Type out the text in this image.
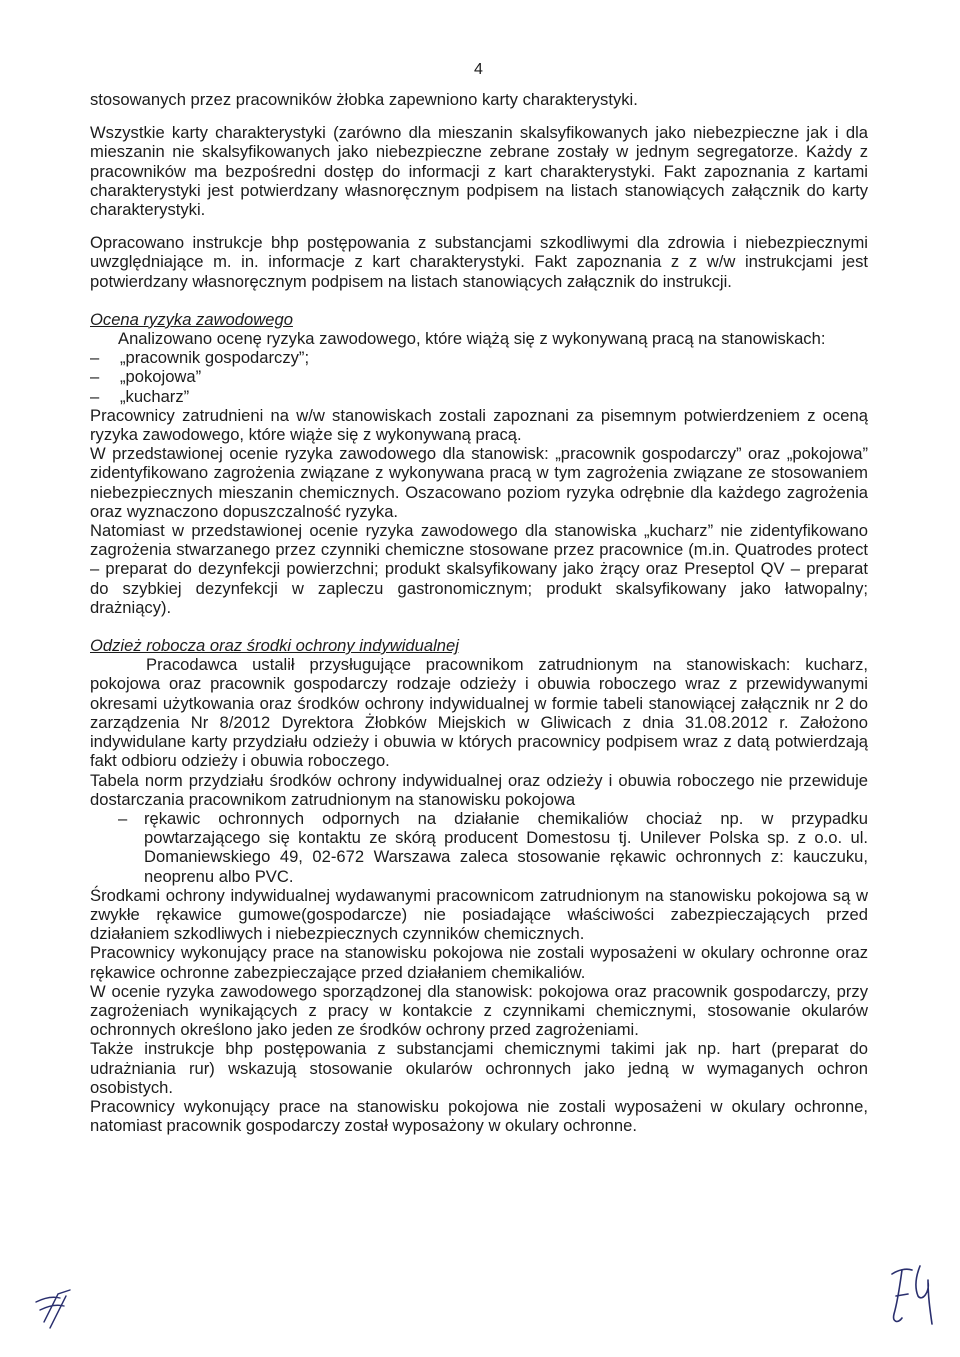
4

stosowanych przez pracowników żłobka zapewniono karty charakterystyki.

Wszystkie karty charakterystyki (zarówno dla mieszanin skalsyfikowanych jako niebezpieczne jak i dla mieszanin nie skalsyfikowanych jako niebezpieczne zebrane zostały w jednym segregatorze. Każdy z pracowników ma bezpośredni dostęp do informacji z kart charakterystyki. Fakt zapoznania z kartami charakterystyki jest potwierdzany własnoręcznym podpisem na listach stanowiących załącznik do karty charakterystyki.

Opracowano instrukcje bhp postępowania z substancjami szkodliwymi dla zdrowia i niebezpiecznymi uwzględniające m. in. informacje z kart charakterystyki. Fakt zapoznania z z w/w instrukcjami jest potwierdzany własnoręcznym podpisem na listach stanowiących załącznik do instrukcji.

Ocena ryzyka zawodowego

Analizowano ocenę ryzyka zawodowego, które wiążą się z wykonywaną pracą na stanowiskach:

– „pracownik gospodarczy”;
– „pokojowa”
– „kucharz”

Pracownicy zatrudnieni na w/w stanowiskach zostali zapoznani za pisemnym potwierdzeniem z oceną ryzyka zawodowego, które wiąże się z wykonywaną pracą.

W przedstawionej ocenie ryzyka zawodowego dla stanowisk: „pracownik gospodarczy” oraz „pokojowa” zidentyfikowano zagrożenia związane z wykonywana pracą w tym zagrożenia związane ze stosowaniem niebezpiecznych mieszanin chemicznych. Oszacowano poziom ryzyka odrębnie dla każdego zagrożenia oraz wyznaczono dopuszczalność ryzyka.

Natomiast w przedstawionej ocenie ryzyka zawodowego dla stanowiska „kucharz” nie zidentyfikowano zagrożenia stwarzanego przez czynniki chemiczne stosowane przez pracownice (m.in. Quatrodes protect – preparat do dezynfekcji powierzchni; produkt skalsyfikowany jako żrący oraz Preseptol QV – preparat do szybkiej dezynfekcji w zapleczu gastronomicznym; produkt skalsyfikowany jako łatwopalny; drażniący).

Odzież robocza oraz środki ochrony indywidualnej

Pracodawca ustalił przysługujące pracownikom zatrudnionym na stanowiskach: kucharz, pokojowa oraz pracownik gospodarczy rodzaje odzieży i obuwia roboczego wraz z przewidywanymi okresami użytkowania oraz środków ochrony indywidualnej w formie tabeli stanowiącej załącznik nr 2 do zarządzenia Nr 8/2012 Dyrektora Żłobków Miejskich w Gliwicach z dnia 31.08.2012 r. Założono indywidulane karty przydziału odzieży i obuwia w których pracownicy podpisem wraz z datą potwierdzają fakt odbioru odzieży i obuwia roboczego.

Tabela norm przydziału środków ochrony indywidualnej oraz odzieży i obuwia roboczego nie przewiduje dostarczania pracownikom zatrudnionym na stanowisku pokojowa

– rękawic ochronnych odpornych na działanie chemikaliów chociaż np. w przypadku powtarzającego się kontaktu ze skórą producent Domestosu tj. Unilever Polska sp. z o.o. ul. Domaniewskiego 49, 02-672 Warszawa zaleca stosowanie rękawic ochronnych z: kauczuku, neoprenu albo PVC.

Środkami ochrony indywidualnej wydawanymi pracownicom zatrudnionym na stanowisku pokojowa są w zwykłe rękawice gumowe(gospodarcze) nie posiadające właściwości zabezpieczających przed działaniem szkodliwych i niebezpiecznych czynników chemicznych.

Pracownicy wykonujący prace na stanowisku pokojowa nie zostali wyposażeni w okulary ochronne oraz rękawice ochronne zabezpieczające przed działaniem chemikaliów.

W ocenie ryzyka zawodowego sporządzonej dla stanowisk: pokojowa oraz pracownik gospodarczy, przy zagrożeniach wynikających z pracy w kontakcie z czynnikami chemicznymi, stosowanie okularów ochronnych określono jako jeden ze środków ochrony przed zagrożeniami.

Także instrukcje bhp postępowania z substancjami chemicznymi takimi jak np. hart (preparat do udrażniania rur) wskazują stosowanie okularów ochronnych jako jedną w wymaganych ochron osobistych.

Pracownicy wykonujący prace na stanowisku pokojowa nie zostali wyposażeni w okulary ochronne, natomiast pracownik gospodarczy został wyposażony w okulary ochronne.
